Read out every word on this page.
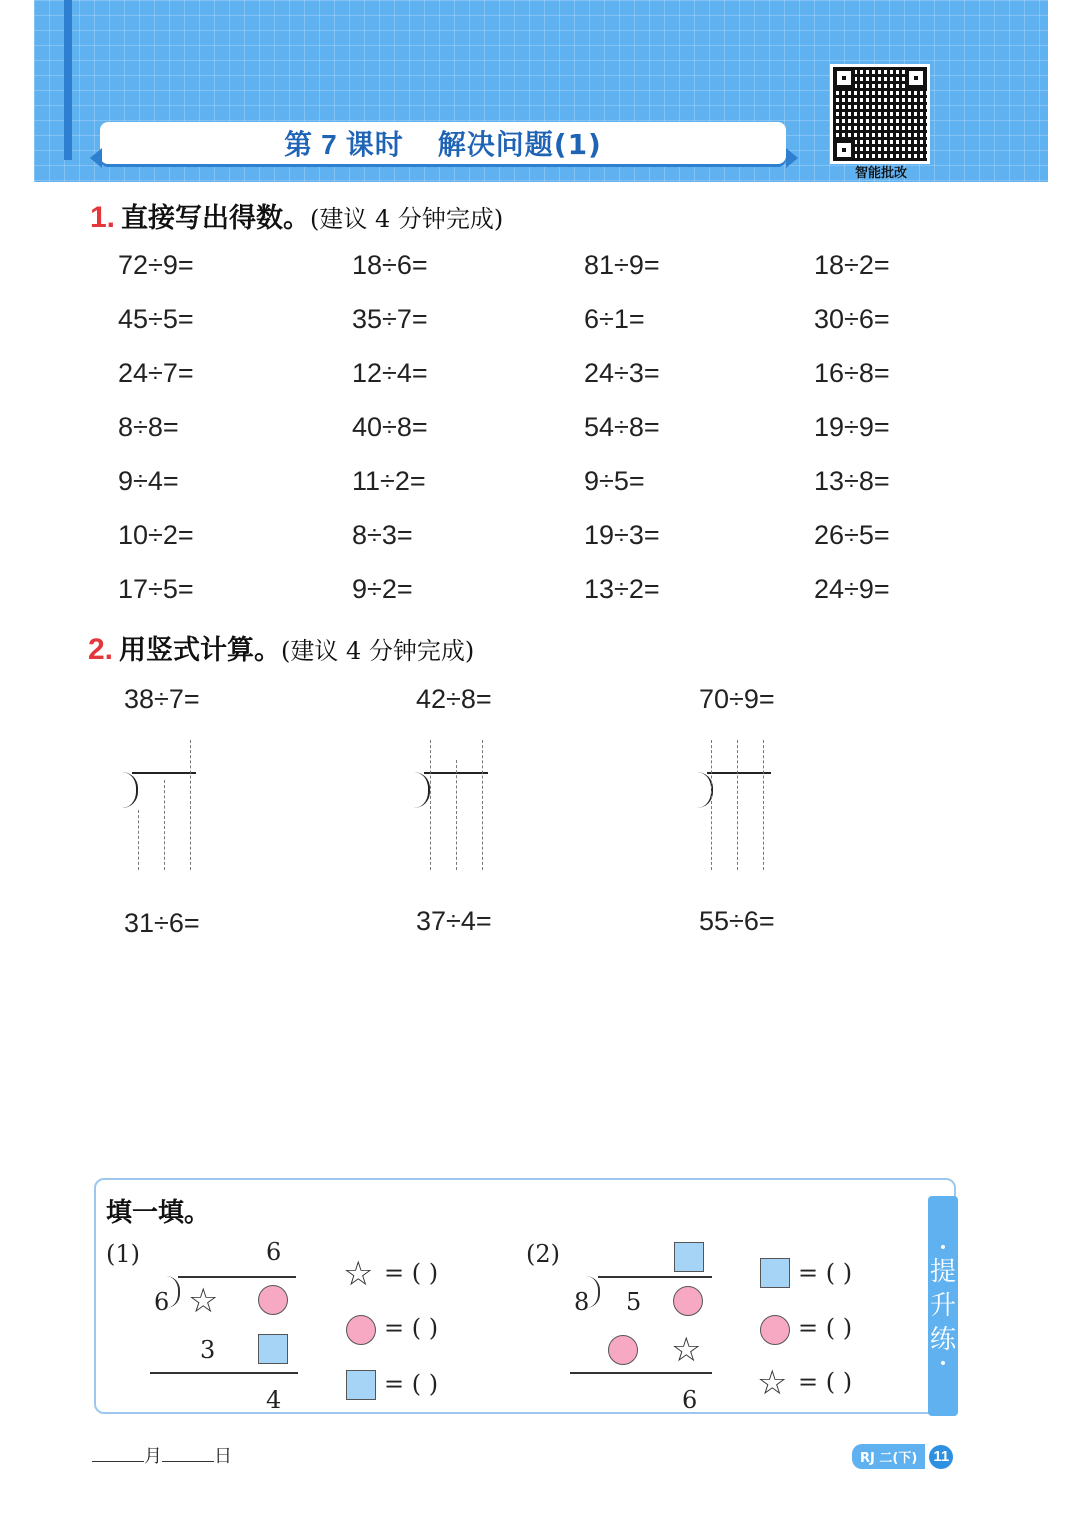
第 7 课时 解决问题(1)
智能批改
1. 直接写出得数。(建议 4 分钟完成)
72÷9=	18÷6=	81÷9=	18÷2=
45÷5=	35÷7=	6÷1=	30÷6=
24÷7=	12÷4=	24÷3=	16÷8=
8÷8=	40÷8=	54÷8=	19÷9=
9÷4=	11÷2=	9÷5=	13÷8=
10÷2=	8÷3=	19÷3=	26÷5=
17÷5=	9÷2=	13÷2=	24÷9=
2. 用竖式计算。(建议 4 分钟完成)
38÷7=	42÷8=	70÷9=
31÷6=	37÷4=	55÷6=
•
提
升
练
•
填一填。
(1)	6
6 ☆
3
4
☆ = ( )
= ( )
= ( )
(2)
8 5
☆
6
= ( )
= ( )
☆ = ( )
月	日	RJ 二(下)	11
